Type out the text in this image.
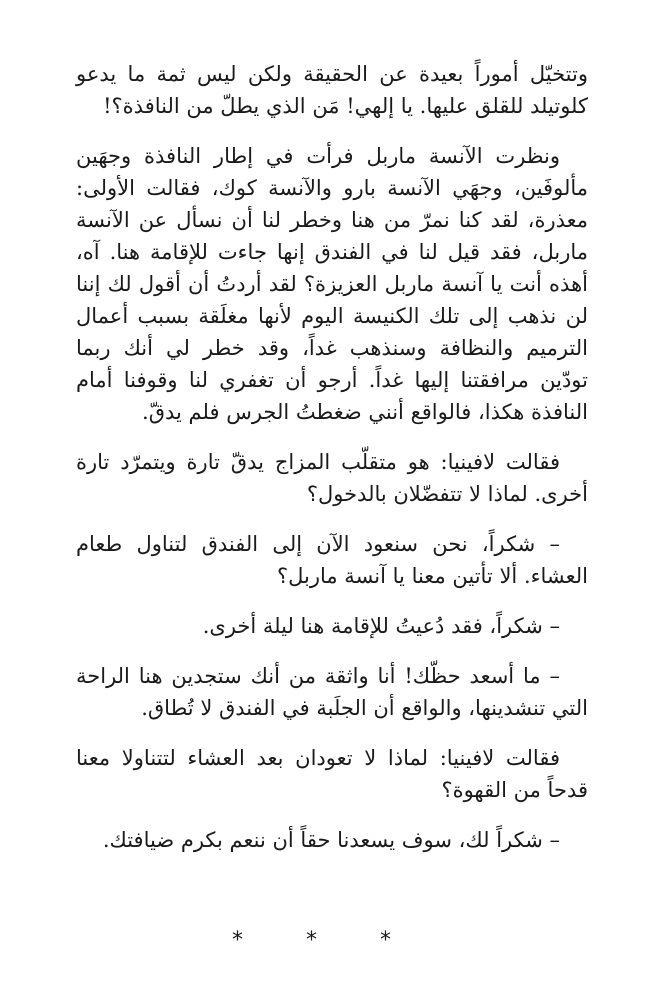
وتتخيّل أموراً بعيدة عن الحقيقة ولكن ليس ثمة ما يدعو كلوتيلد للقلق عليها. يا إلهي! مَن الذي يطلّ من النافذة؟!

ونظرت الآنسة ماربل فرأت في إطار النافذة وجهَين مألوفَين، وجهَي الآنسة بارو والآنسة كوك، فقالت الأولى: معذرة، لقد كنا نمرّ من هنا وخطر لنا أن نسأل عن الآنسة ماربل، فقد قيل لنا في الفندق إنها جاءت للإقامة هنا. آه، أهذه أنت يا آنسة ماربل العزيزة؟ لقد أردتُ أن أقول لك إننا لن نذهب إلى تلك الكنيسة اليوم لأنها مغلَقة بسبب أعمال الترميم والنظافة وسنذهب غداً، وقد خطر لي أنك ربما تودّين مرافقتنا إليها غداً. أرجو أن تغفري لنا وقوفنا أمام النافذة هكذا، فالواقع أنني ضغطتُ الجرس فلم يدقّ.

فقالت لافينيا: هو متقلّب المزاج يدقّ تارة ويتمرّد تارة أخرى. لماذا لا تتفضّلان بالدخول؟

– شكراً، نحن سنعود الآن إلى الفندق لتناول طعام العشاء. ألا تأتين معنا يا آنسة ماربل؟

– شكراً، فقد دُعيتُ للإقامة هنا ليلة أخرى.

– ما أسعد حظّك! أنا واثقة من أنك ستجدين هنا الراحة التي تنشدينها، والواقع أن الجلَبة في الفندق لا تُطاق.

فقالت لافينيا: لماذا لا تعودان بعد العشاء لتتناولا معنا قدحاً من القهوة؟

– شكراً لك، سوف يسعدنا حقاً أن ننعم بكرم ضيافتك.

* * *
